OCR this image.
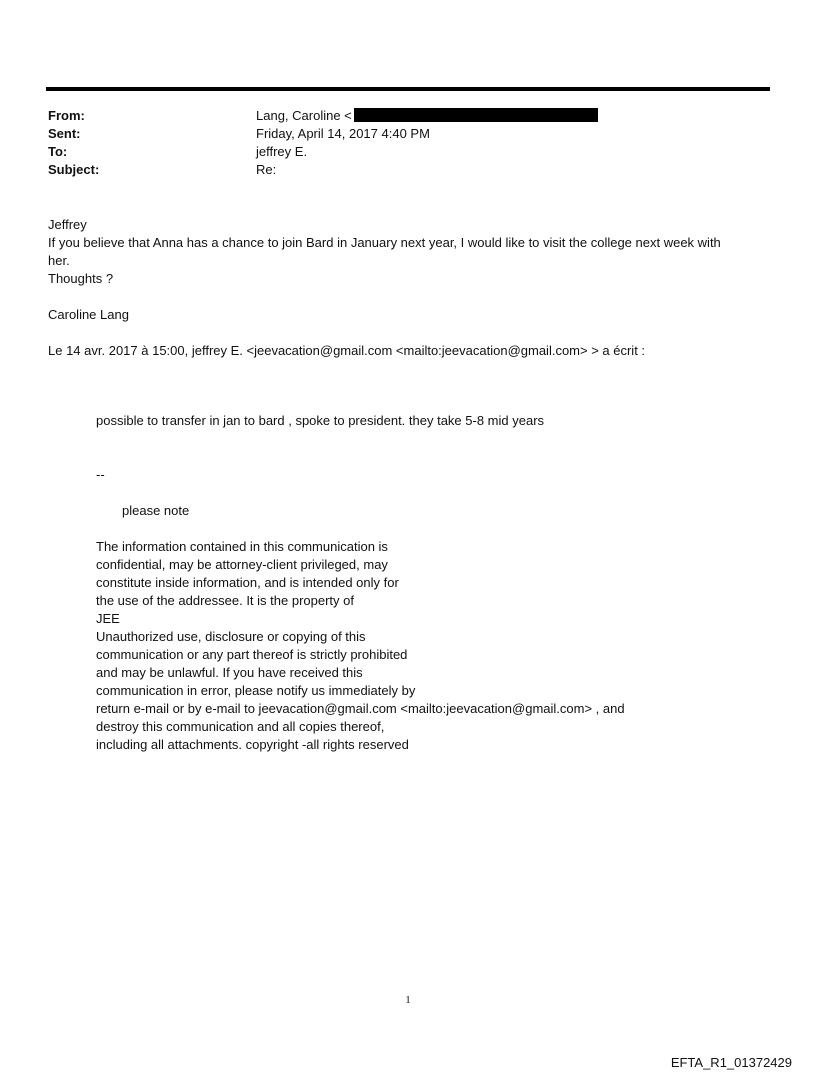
From:	Lang, Caroline <
Sent:	Friday, April 14, 2017 4:40 PM
To:	jeffrey E.
Subject:	Re:

Jeffrey

If you believe that Anna has a chance to join Bard in January next year, I would like to visit the college next week with

her.

Thoughts ?

Caroline Lang

Le 14 avr. 2017 à 15:00, jeffrey E. <jeevacation@gmail.com <mailto:jeevacation@gmail.com> > a écrit :

possible to transfer in jan to bard , spoke to president. they take 5-8 mid years

--

please note

The information contained in this communication is

confidential, may be attorney-client privileged, may

constitute inside information, and is intended only for

the use of the addressee. It is the property of

JEE

Unauthorized use, disclosure or copying of this

communication or any part thereof is strictly prohibited

and may be unlawful. If you have received this

communication in error, please notify us immediately by

return e-mail or by e-mail to jeevacation@gmail.com <mailto:jeevacation@gmail.com> , and

destroy this communication and all copies thereof,

including all attachments. copyright -all rights reserved

1
EFTA_R1_01372429
